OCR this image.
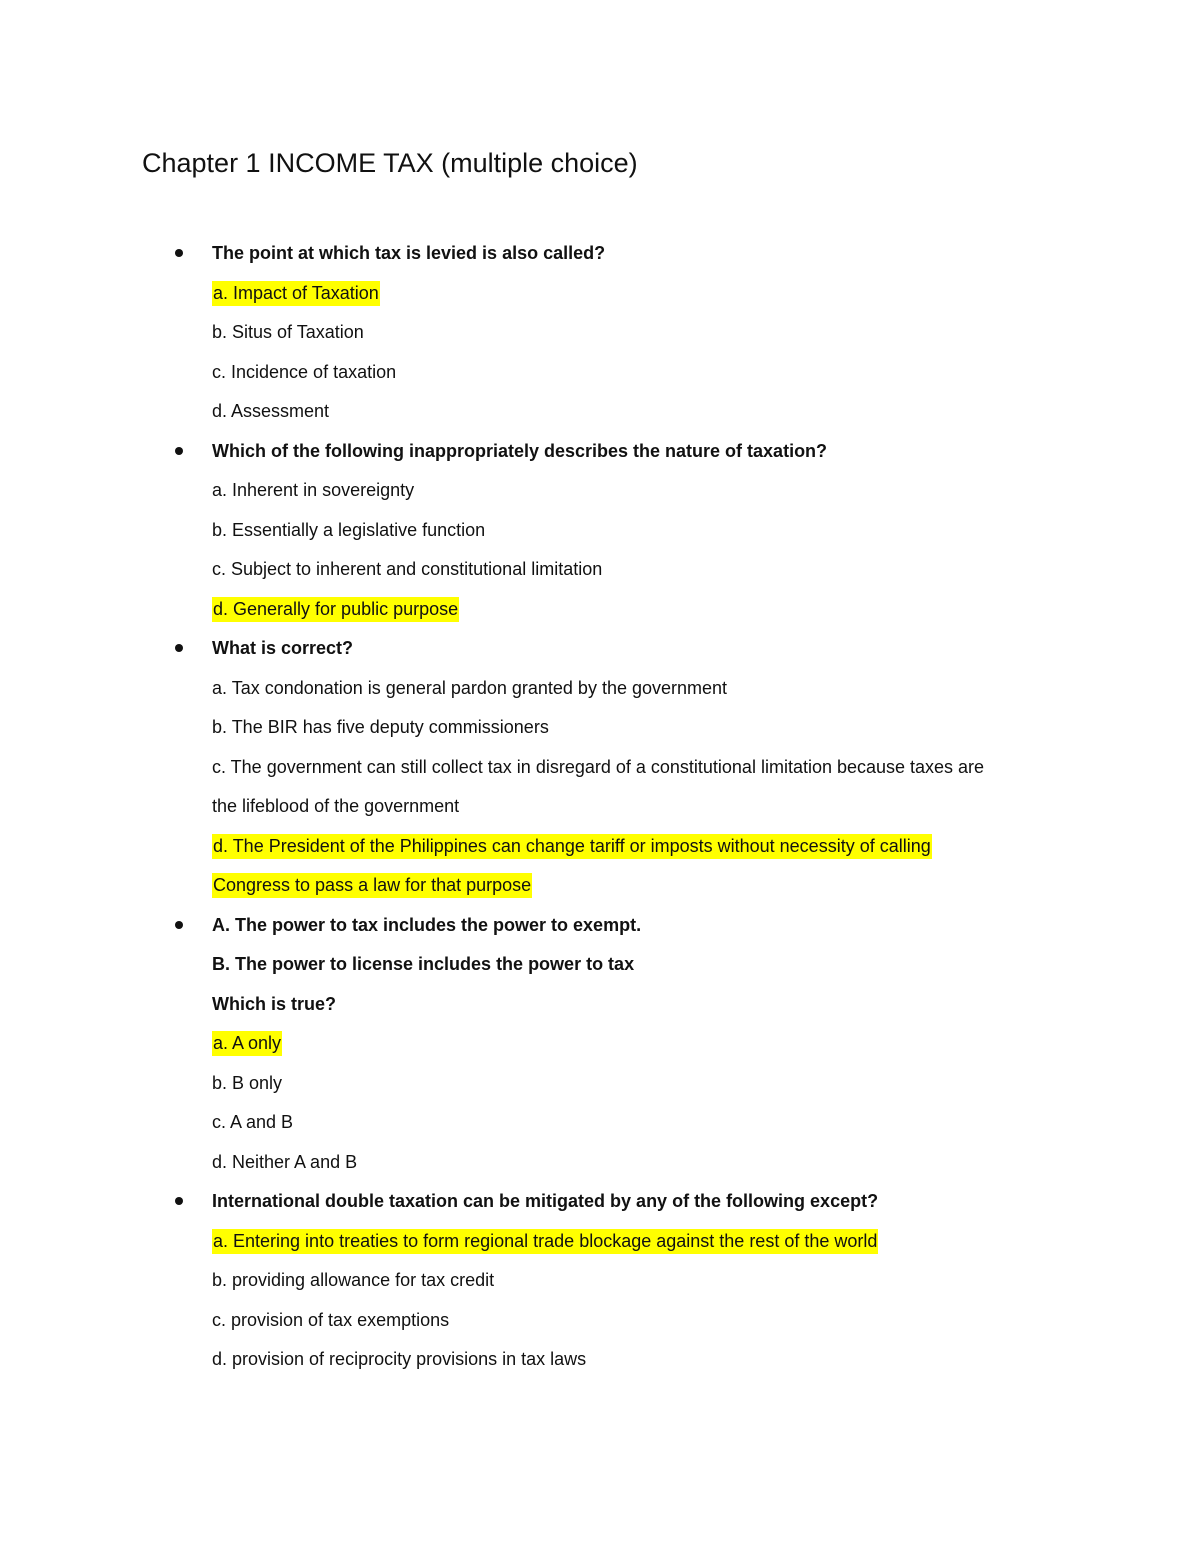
Chapter 1 INCOME TAX (multiple choice)
The point at which tax is levied is also called?
a. Impact of Taxation
b. Situs of Taxation
c. Incidence of taxation
d. Assessment
Which of the following inappropriately describes the nature of taxation?
a. Inherent in sovereignty
b. Essentially a legislative function
c. Subject to inherent and constitutional limitation
d. Generally for public purpose
What is correct?
a. Tax condonation is general pardon granted by the government
b. The BIR has five deputy commissioners
c. The government can still collect tax in disregard of a constitutional limitation because taxes are
the lifeblood of the government
d. The President of the Philippines can change tariff or imposts without necessity of calling
Congress to pass a law for that purpose
A. The power to tax includes the power to exempt.
B. The power to license includes the power to tax
Which is true?
a. A only
b. B only
c. A and B
d. Neither A and B
International double taxation can be mitigated by any of the following except?
a. Entering into treaties to form regional trade blockage against the rest of the world
b. providing allowance for tax credit
c. provision of tax exemptions
d. provision of reciprocity provisions in tax laws
